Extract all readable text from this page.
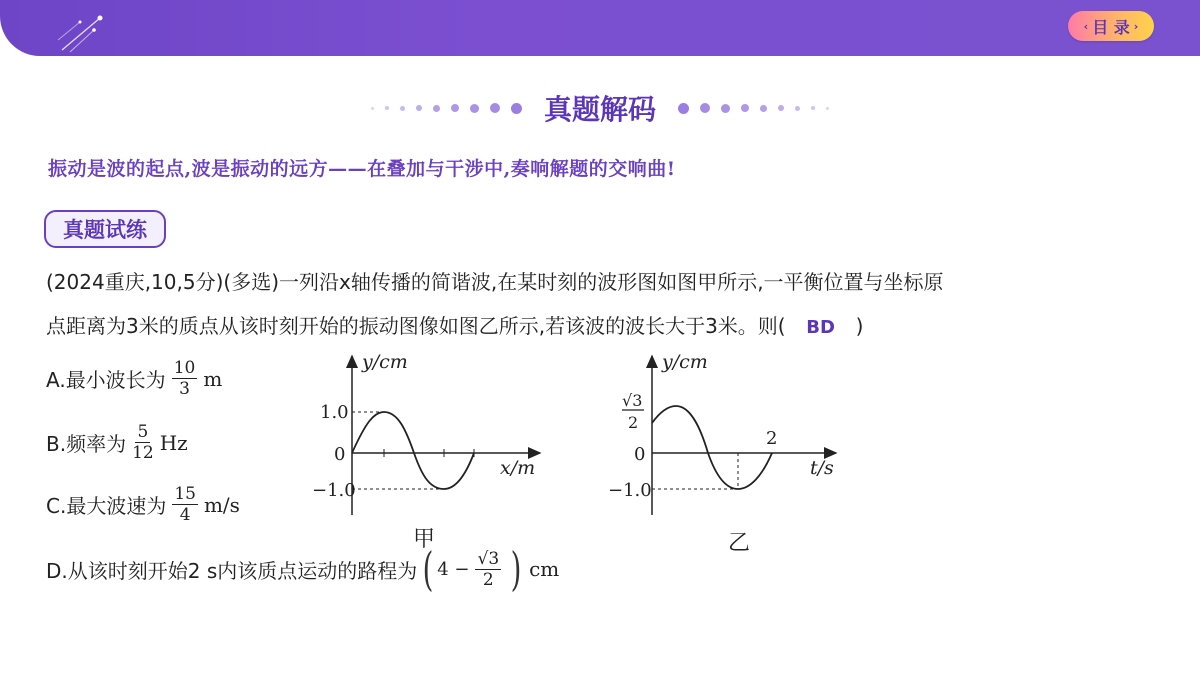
‹ 目 录 ›
真题解码
振动是波的起点,波是振动的远方——在叠加与干涉中,奏响解题的交响曲!
真题试练
(2024重庆,10,5分)(多选)一列沿x轴传播的简谐波,在某时刻的波形图如图甲所示,一平衡位置与坐标原
点距离为3米的质点从该时刻开始的振动图像如图乙所示,若该波的波长大于3米。则( BD )
A.最小波长为 $\frac{10}{3}$ m
B.频率为 $\frac{5}{12}$ Hz
C.最大波速为 $\frac{15}{4} m/s$
D.从该时刻开始2 s内该质点运动的路程为 ( $4 - \frac{√3}{2}$ ) cm
y/cm
x/m
1.0
0
−1.0
甲
y/cm
t/s
√3
2
0
−1.0
2
乙
